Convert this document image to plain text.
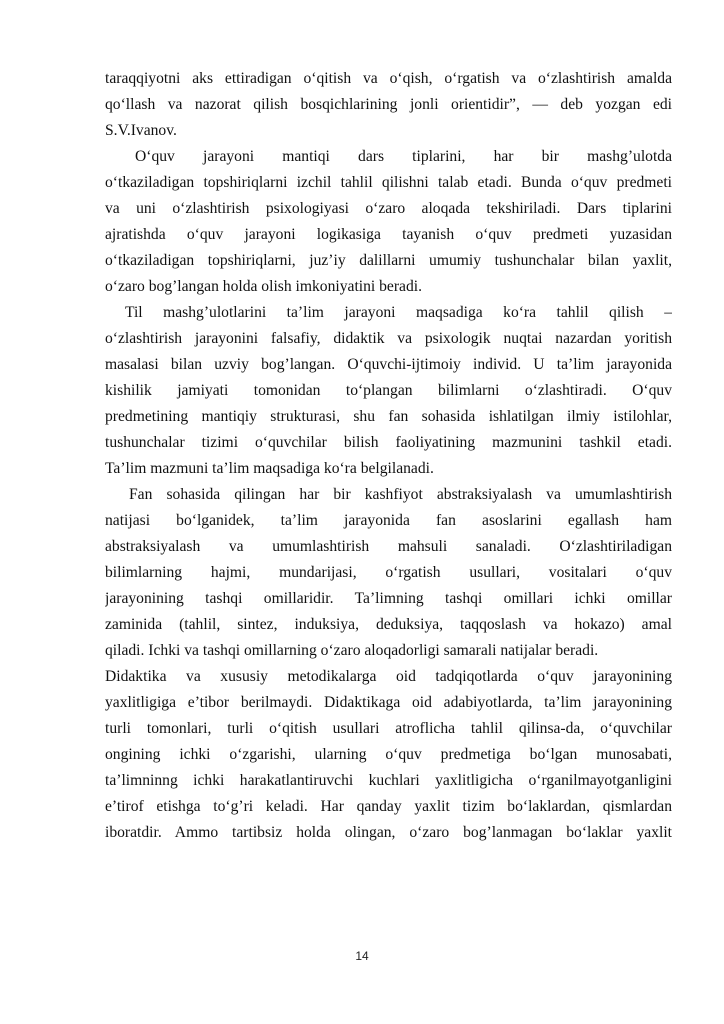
taraqqiyotni aks ettiradigan o‘qitish va o‘qish, o‘rgatish va o‘zlashtirish amalda
qo‘llash va nazorat qilish bosqichlarining jonli orientidir”, — deb yozgan edi
S.V.Ivanov.
O‘quv jarayoni mantiqi dars tiplarini, har bir mashg’ulotda
o‘tkaziladigan topshiriqlarni izchil tahlil qilishni talab etadi. Bunda o‘quv predmeti
va uni o‘zlashtirish psixologiyasi o‘zaro aloqada tekshiriladi. Dars tiplarini
ajratishda o‘quv jarayoni logikasiga tayanish o‘quv predmeti yuzasidan
o‘tkaziladigan topshiriqlarni, juz’iy dalillarni umumiy tushunchalar bilan yaxlit,
o‘zaro bog’langan holda olish imkoniyatini beradi.
Til mashg’ulotlarini ta’lim jarayoni maqsadiga ko‘ra tahlil qilish –
o‘zlashtirish jarayonini falsafiy, didaktik va psixologik nuqtai nazardan yoritish
masalasi bilan uzviy bog’langan. O‘quvchi-ijtimoiy individ. U ta’lim jarayonida
kishilik jamiyati tomonidan to‘plangan bilimlarni o‘zlashtiradi. O‘quv
predmetining mantiqiy strukturasi, shu fan sohasida ishlatilgan ilmiy istilohlar,
tushunchalar tizimi o‘quvchilar bilish faoliyatining mazmunini tashkil etadi.
Ta’lim mazmuni ta’lim maqsadiga ko‘ra belgilanadi.
Fan sohasida qilingan har bir kashfiyot abstraksiyalash va umumlashtirish
natijasi bo‘lganidek, ta’lim jarayonida fan asoslarini egallash ham
abstraksiyalash va umumlashtirish mahsuli sanaladi. O‘zlashtiriladigan
bilimlarning hajmi, mundarijasi, o‘rgatish usullari, vositalari o‘quv
jarayonining tashqi omillaridir. Ta’limning tashqi omillari ichki omillar
zaminida (tahlil, sintez, induksiya, deduksiya, taqqoslash va hokazo) amal
qiladi. Ichki va tashqi omillarning o‘zaro aloqadorligi samarali natijalar beradi.
Didaktika va xususiy metodikalarga oid tadqiqotlarda o‘quv jarayonining
yaxlitligiga e’tibor berilmaydi. Didaktikaga oid adabiyotlarda, ta’lim jarayonining
turli tomonlari, turli o‘qitish usullari atroflicha tahlil qilinsa-da, o‘quvchilar
ongining ichki o‘zgarishi, ularning o‘quv predmetiga bo‘lgan munosabati,
ta’limninng ichki harakatlantiruvchi kuchlari yaxlitligicha o‘rganilmayotganligini
e’tirof etishga to‘g’ri keladi. Har qanday yaxlit tizim bo‘laklardan, qismlardan
iboratdir. Ammo tartibsiz holda olingan, o‘zaro bog’lanmagan bo‘laklar yaxlit
14
